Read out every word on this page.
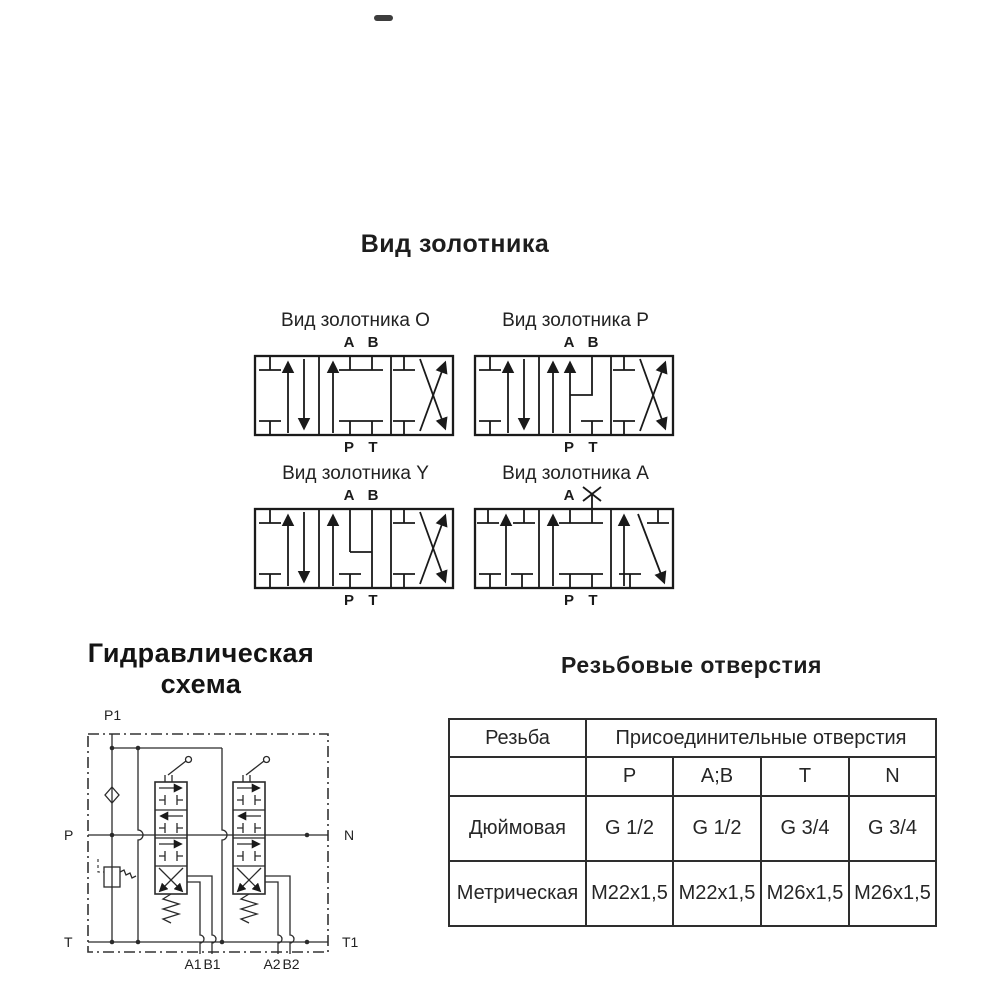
Вид золотника
Вид золотника O
A B
P T
Вид золотника P
A B
P T
Вид золотника Y
A B
P T
Вид золотника A
A
P T
Гидравлическая
схема
P1
P	N
T	T1
A1 B1	A2 B2
Резьбовые отверстия
Резьба	Присоединительные отверстия			
	P	A;B	T	N
Дюймовая	G 1/2	G 1/2	G 3/4	G 3/4
Метрическая	M22x1,5	M22x1,5	M26x1,5	M26x1,5
